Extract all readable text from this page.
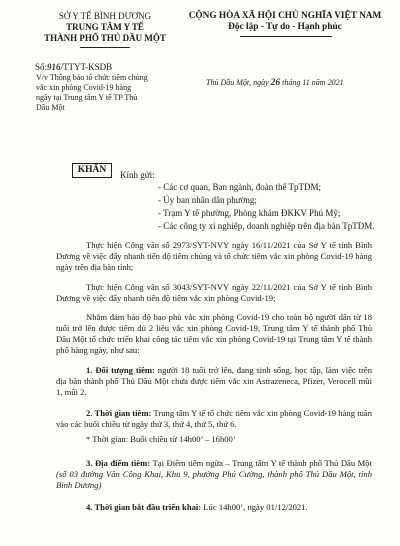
SỞ Y TẾ BÌNH DƯƠNG
TRUNG TÂM Y TẾ
THÀNH PHỐ THỦ DẦU MỘT
Số:916/TTYT-KSDB
V/v Thông báo tổ chức tiêm chủng
vắc xin phòng Covid-19 hàng
ngày tại Trung tâm Y tế TP Thủ
Dầu Một
CỘNG HÒA XÃ HỘI CHỦ NGHĨA VIỆT NAM
Độc lập - Tự do - Hạnh phúc
Thủ Dầu Một, ngày 26 tháng 11 năm 2021
KHẨN	Kính gửi:
- Các cơ quan, Ban ngành, đoàn thể TpTDM;
- Ủy ban nhân dân phường;
- Trạm Y tế phường, Phòng khám ĐKKV Phú Mỹ;
- Các công ty xí nghiệp, doanh nghiệp trên địa bàn TpTDM.
Thực hiện Công văn số 2973/SYT-NVY ngày 16/11/2021 của Sở Y tế tỉnh Bình Dương về việc đẩy nhanh tiến độ tiêm chủng và tổ chức tiêm vắc xin phòng Covid-19 hàng ngày trên địa bàn tỉnh;
Thực hiện Công văn số 3043/SYT-NVY ngày 22/11/2021 của Sở Y tế tỉnh Bình Dương về việc đẩy nhanh tiến độ tiêm vắc xin phòng Covid-19;
Nhằm đảm bảo độ bao phủ vắc xin phòng Covid-19 cho toàn bộ người dân từ 18 tuổi trở lên được tiêm đủ 2 liều vắc xin phòng Covid-19, Trung tâm Y tế thành phố Thủ Dầu Một tổ chức triển khai công tác tiêm vắc xin phòng Covid-19 tại Trung tâm Y tế thành phố hàng ngày, như sau:
1. Đối tượng tiêm: người 18 tuổi trở lên, đang sinh sống, học tập, làm việc trên địa bàn thành phố Thủ Dầu Một chưa được tiêm vắc xin Astrazeneca, Pfizer, Verocell mũi 1, mũi 2.
2. Thời gian tiêm: Trung tâm Y tế tổ chức tiêm vắc xin phòng Covid-19 hàng tuần vào các buổi chiều từ ngày thứ 3, thứ 4, thứ 5, thứ 6.
* Thời gian: Buổi chiều từ 14h00’ – 16h00’
3. Địa điểm tiêm: Tại Điểm tiêm ngừa – Trung tâm Y tế thành phố Thủ Dầu Một (số 03 đường Văn Công Khai, Khu 9, phường Phú Cường, thành phố Thủ Dầu Một, tỉnh Bình Dương)
4. Thời gian bắt đầu triển khai: Lúc 14h00’, ngày 01/12/2021.
